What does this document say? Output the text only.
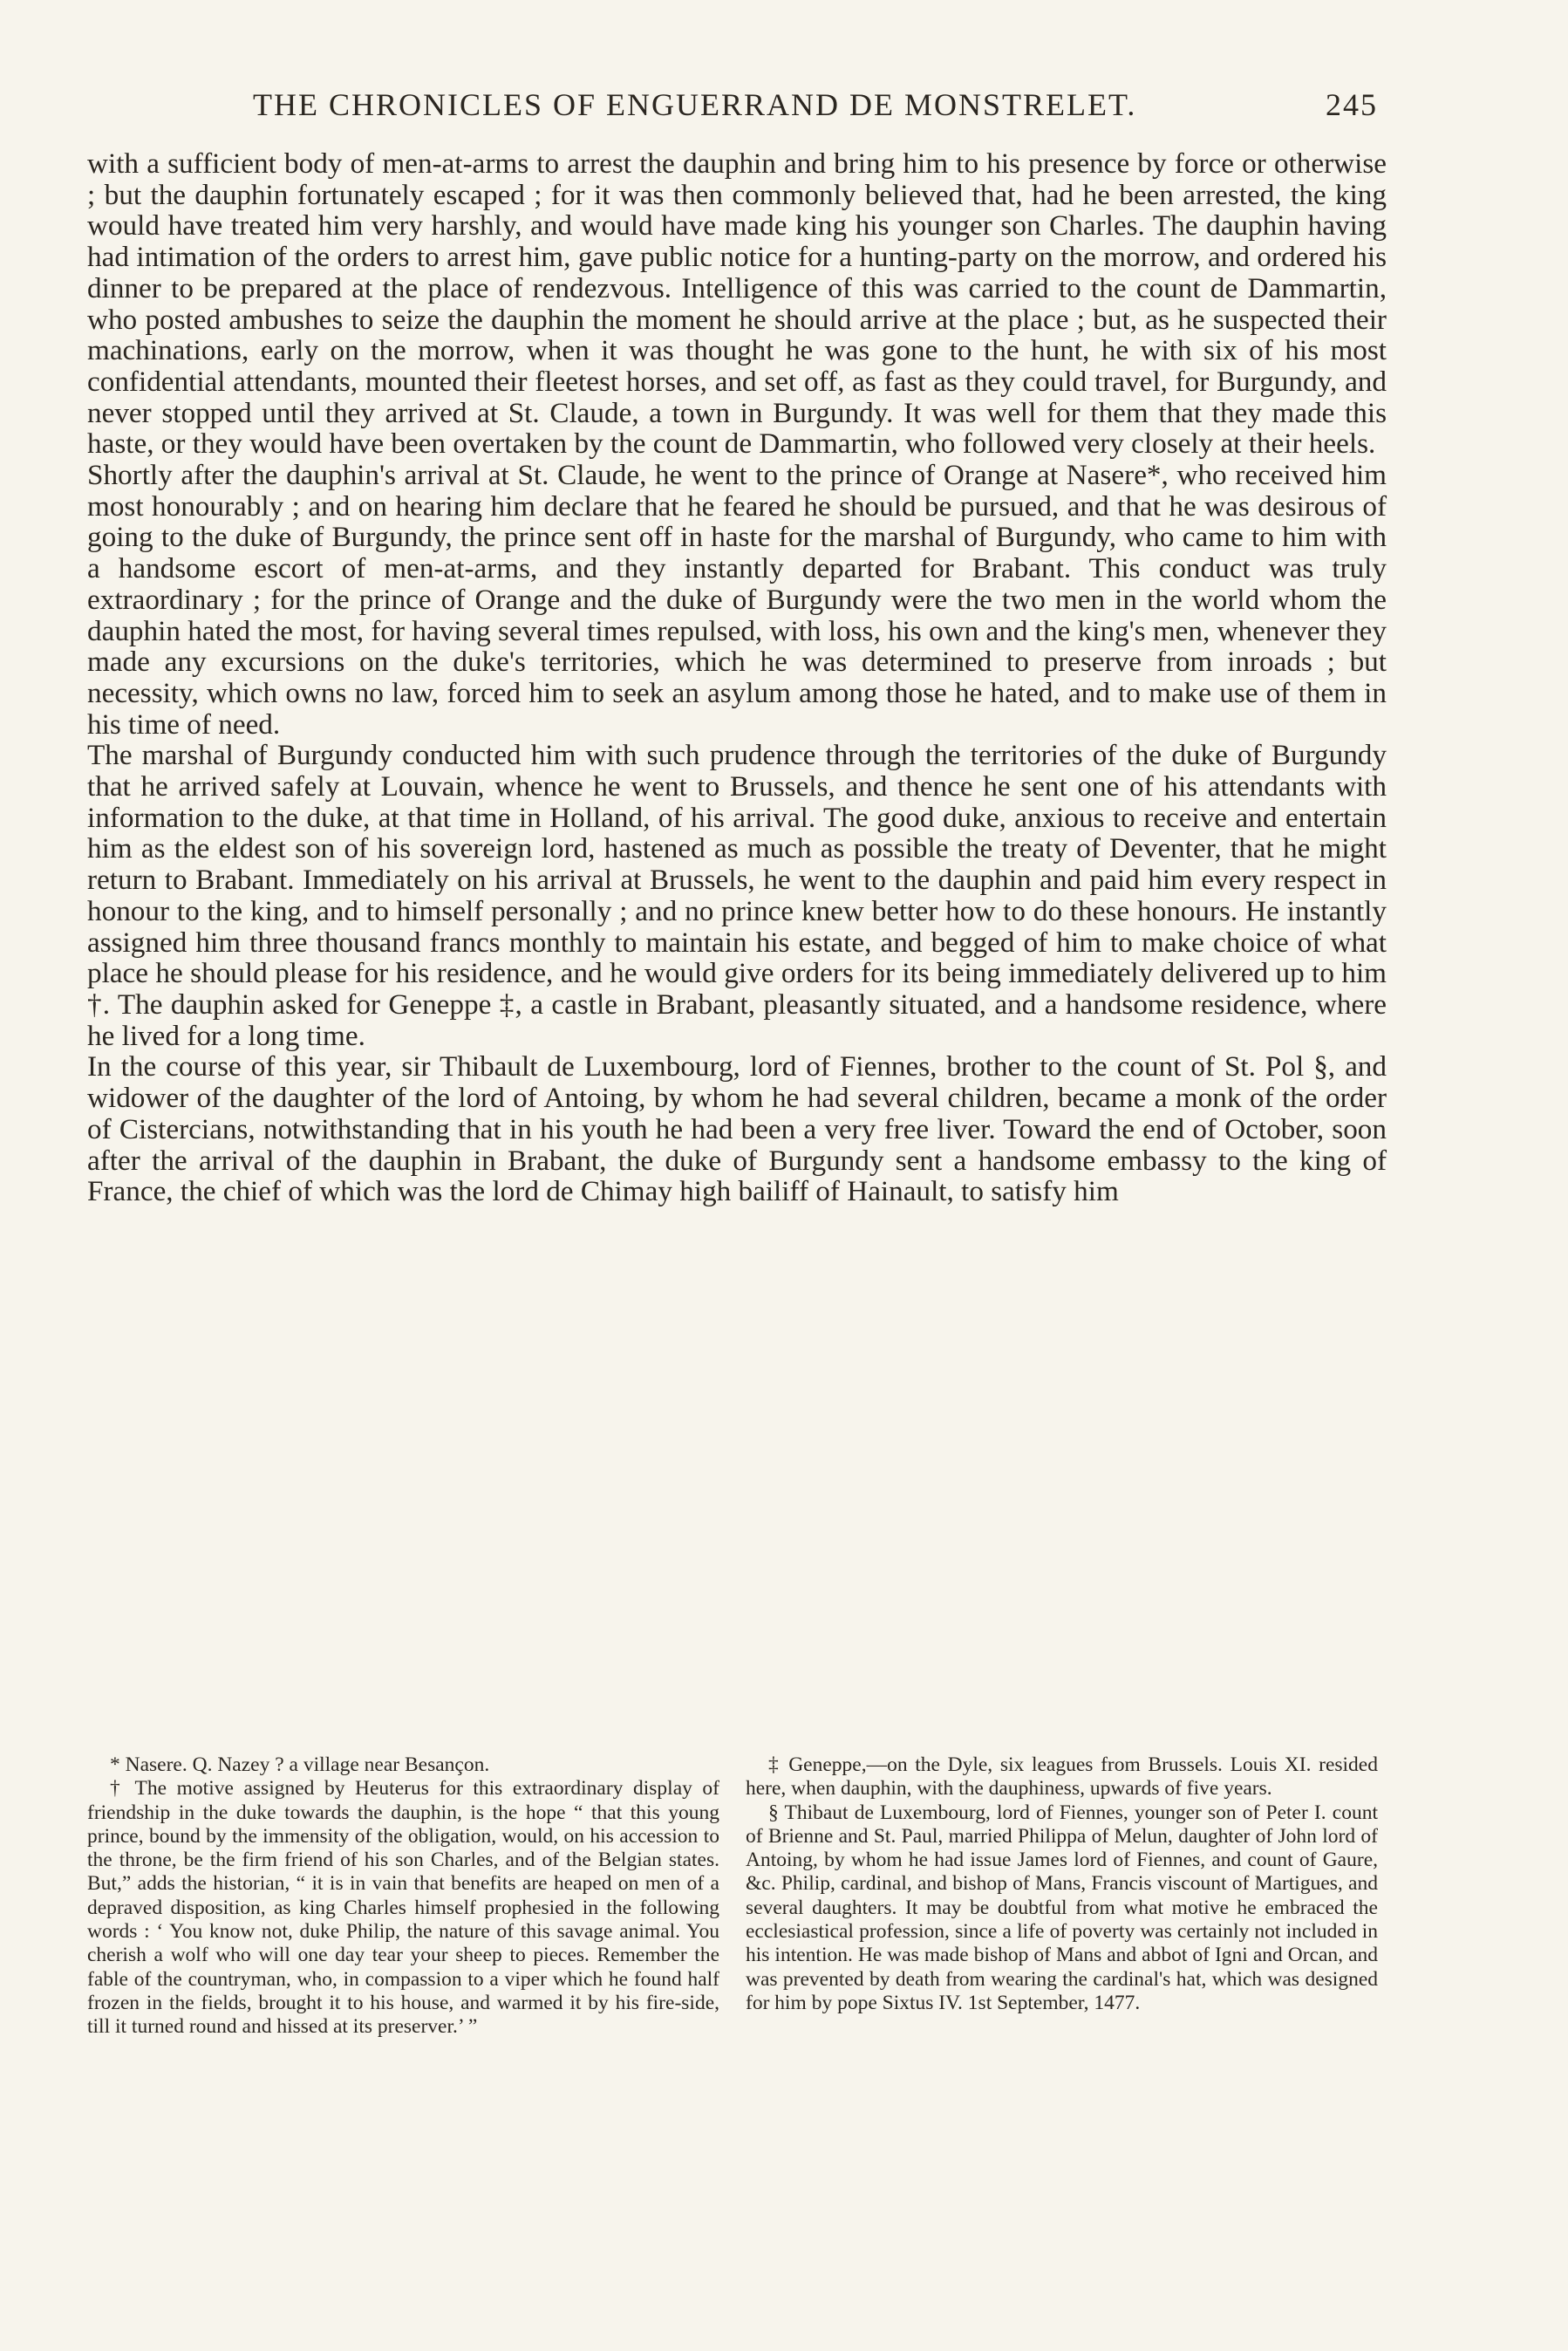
THE CHRONICLES OF ENGUERRAND DE MONSTRELET.	245

with a sufficient body of men-at-arms to arrest the dauphin and bring him to his presence by force or otherwise ; but the dauphin fortunately escaped ; for it was then commonly believed that, had he been arrested, the king would have treated him very harshly, and would have made king his younger son Charles. The dauphin having had intimation of the orders to arrest him, gave public notice for a hunting-party on the morrow, and ordered his dinner to be prepared at the place of rendezvous. Intelligence of this was carried to the count de Dammartin, who posted ambushes to seize the dauphin the moment he should arrive at the place ; but, as he suspected their machinations, early on the morrow, when it was thought he was gone to the hunt, he with six of his most confidential attendants, mounted their fleetest horses, and set off, as fast as they could travel, for Burgundy, and never stopped until they arrived at St. Claude, a town in Burgundy. It was well for them that they made this haste, or they would have been overtaken by the count de Dammartin, who followed very closely at their heels.

Shortly after the dauphin's arrival at St. Claude, he went to the prince of Orange at Nasere*, who received him most honourably ; and on hearing him declare that he feared he should be pursued, and that he was desirous of going to the duke of Burgundy, the prince sent off in haste for the marshal of Burgundy, who came to him with a handsome escort of men-at-arms, and they instantly departed for Brabant. This conduct was truly extraordinary ; for the prince of Orange and the duke of Burgundy were the two men in the world whom the dauphin hated the most, for having several times repulsed, with loss, his own and the king's men, whenever they made any excursions on the duke's territories, which he was determined to preserve from inroads ; but necessity, which owns no law, forced him to seek an asylum among those he hated, and to make use of them in his time of need.

The marshal of Burgundy conducted him with such prudence through the territories of the duke of Burgundy that he arrived safely at Louvain, whence he went to Brussels, and thence he sent one of his attendants with information to the duke, at that time in Holland, of his arrival. The good duke, anxious to receive and entertain him as the eldest son of his sovereign lord, hastened as much as possible the treaty of Deventer, that he might return to Brabant. Immediately on his arrival at Brussels, he went to the dauphin and paid him every respect in honour to the king, and to himself personally ; and no prince knew better how to do these honours. He instantly assigned him three thousand francs monthly to maintain his estate, and begged of him to make choice of what place he should please for his residence, and he would give orders for its being immediately delivered up to him †. The dauphin asked for Geneppe ‡, a castle in Brabant, pleasantly situated, and a handsome residence, where he lived for a long time.

In the course of this year, sir Thibault de Luxembourg, lord of Fiennes, brother to the count of St. Pol §, and widower of the daughter of the lord of Antoing, by whom he had several children, became a monk of the order of Cistercians, notwithstanding that in his youth he had been a very free liver. Toward the end of October, soon after the arrival of the dauphin in Brabant, the duke of Burgundy sent a handsome embassy to the king of France, the chief of which was the lord de Chimay high bailiff of Hainault, to satisfy him

* Nasere. Q. Nazey ? a village near Besançon.

† The motive assigned by Heuterus for this extraordinary display of friendship in the duke towards the dauphin, is the hope “ that this young prince, bound by the immensity of the obligation, would, on his accession to the throne, be the firm friend of his son Charles, and of the Belgian states. But,” adds the historian, “ it is in vain that benefits are heaped on men of a depraved disposition, as king Charles himself prophesied in the following words : ‘ You know not, duke Philip, the nature of this savage animal. You cherish a wolf who will one day tear your sheep to pieces. Remember the fable of the countryman, who, in compassion to a viper which he found half frozen in the fields, brought it to his house, and warmed it by his fire-side, till it turned round and hissed at its preserver.’ ”

‡ Geneppe,—on the Dyle, six leagues from Brussels. Louis XI. resided here, when dauphin, with the dauphiness, upwards of five years.

§ Thibaut de Luxembourg, lord of Fiennes, younger son of Peter I. count of Brienne and St. Paul, married Philippa of Melun, daughter of John lord of Antoing, by whom he had issue James lord of Fiennes, and count of Gaure, &c. Philip, cardinal, and bishop of Mans, Francis viscount of Martigues, and several daughters. It may be doubtful from what motive he embraced the ecclesiastical profession, since a life of poverty was certainly not included in his intention. He was made bishop of Mans and abbot of Igni and Orcan, and was prevented by death from wearing the cardinal's hat, which was designed for him by pope Sixtus IV. 1st September, 1477.
